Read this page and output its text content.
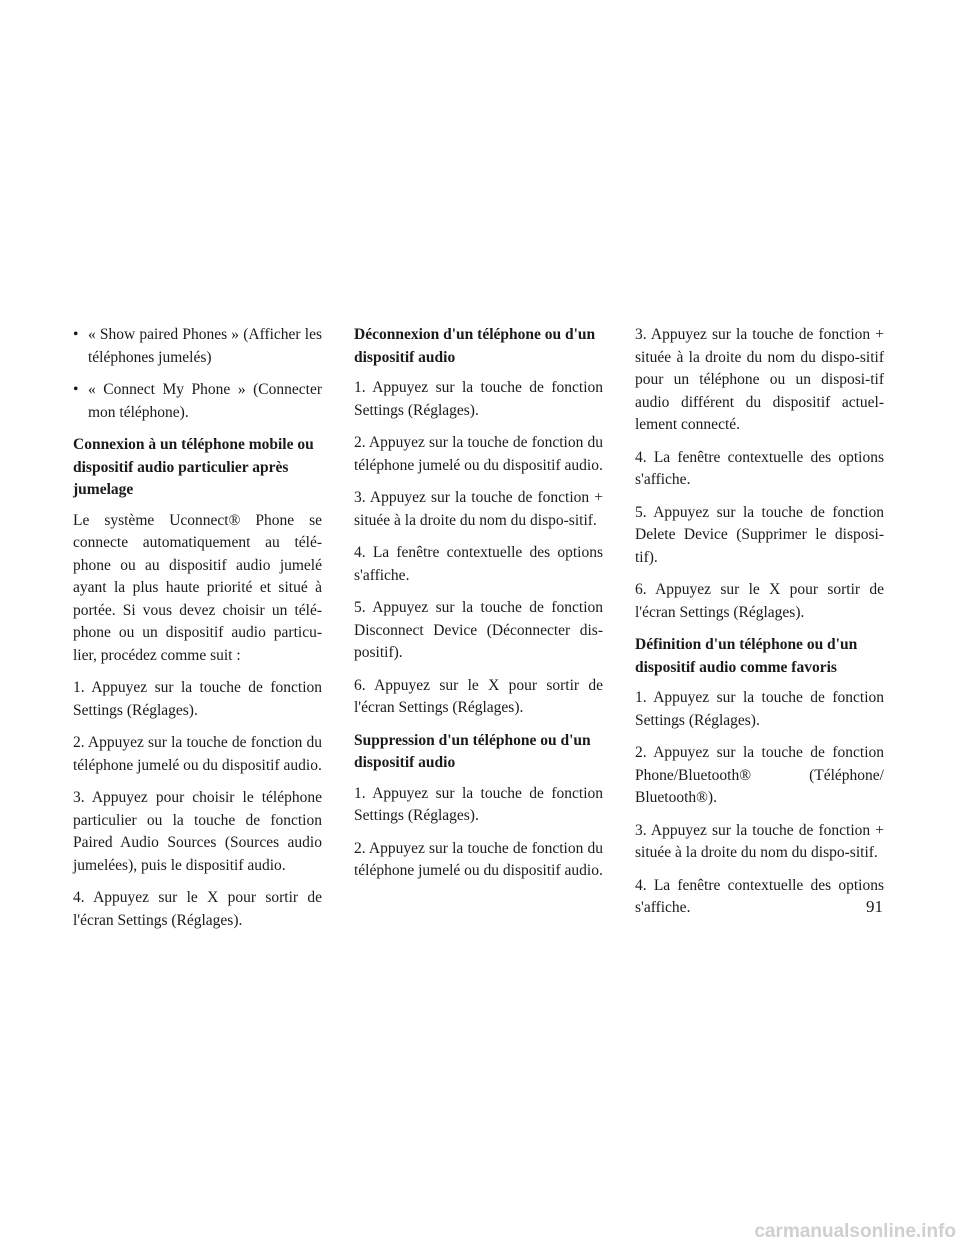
• « Show paired Phones » (Afficher les téléphones jumelés)
• « Connect My Phone » (Connecter mon téléphone).
Connexion à un téléphone mobile ou dispositif audio particulier après jumelage

Le système Uconnect® Phone se connecte automatiquement au télé-phone ou au dispositif audio jumelé ayant la plus haute priorité et situé à portée. Si vous devez choisir un télé-phone ou un dispositif audio particu-lier, procédez comme suit :

1. Appuyez sur la touche de fonction Settings (Réglages).

2. Appuyez sur la touche de fonction du téléphone jumelé ou du dispositif audio.

3. Appuyez pour choisir le téléphone particulier ou la touche de fonction Paired Audio Sources (Sources audio jumelées), puis le dispositif audio.

4. Appuyez sur le X pour sortir de l'écran Settings (Réglages).

Déconnexion d'un téléphone ou d'un dispositif audio

1. Appuyez sur la touche de fonction Settings (Réglages).

2. Appuyez sur la touche de fonction du téléphone jumelé ou du dispositif audio.

3. Appuyez sur la touche de fonction + située à la droite du nom du dispo-sitif.

4. La fenêtre contextuelle des options s'affiche.

5. Appuyez sur la touche de fonction Disconnect Device (Déconnecter dis-positif).

6. Appuyez sur le X pour sortir de l'écran Settings (Réglages).

Suppression d'un téléphone ou d'un dispositif audio

1. Appuyez sur la touche de fonction Settings (Réglages).

2. Appuyez sur la touche de fonction du téléphone jumelé ou du dispositif audio.

3. Appuyez sur la touche de fonction + située à la droite du nom du dispo-sitif pour un téléphone ou un disposi-tif audio différent du dispositif actuel-lement connecté.

4. La fenêtre contextuelle des options s'affiche.

5. Appuyez sur la touche de fonction Delete Device (Supprimer le disposi-tif).

6. Appuyez sur le X pour sortir de l'écran Settings (Réglages).

Définition d'un téléphone ou d'un dispositif audio comme favoris

1. Appuyez sur la touche de fonction Settings (Réglages).

2. Appuyez sur la touche de fonction Phone/Bluetooth® (Téléphone/ Bluetooth®).

3. Appuyez sur la touche de fonction + située à la droite du nom du dispo-sitif.

4. La fenêtre contextuelle des options s'affiche.	91
carmanualsonline.info
